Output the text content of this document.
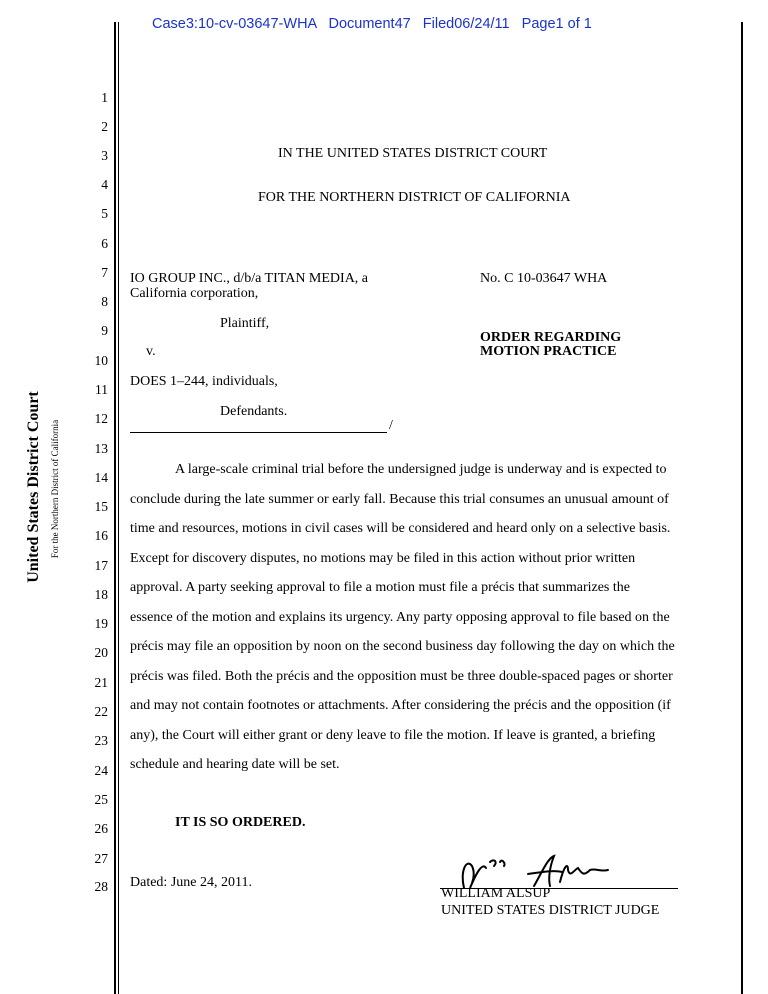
Case3:10-cv-03647-WHA   Document47   Filed06/24/11   Page1 of 1
United States District Court For the Northern District of California
1
2
3
4
5
6
7
8
9
10
11
12
13
14
15
16
17
18
19
20
21
22
23
24
25
26
27
28
IN THE UNITED STATES DISTRICT COURT
FOR THE NORTHERN DISTRICT OF CALIFORNIA
IO GROUP INC., d/b/a TITAN MEDIA, a
California corporation,
Plaintiff,
v.
DOES 1–244, individuals,
Defendants.
/
No. C 10-03647 WHA
ORDER REGARDING
MOTION PRACTICE
A large-scale criminal trial before the undersigned judge is underway and is expected to
conclude during the late summer or early fall. Because this trial consumes an unusual amount of
time and resources, motions in civil cases will be considered and heard only on a selective basis.
Except for discovery disputes, no motions may be filed in this action without prior written
approval. A party seeking approval to file a motion must file a précis that summarizes the
essence of the motion and explains its urgency. Any party opposing approval to file based on the
précis may file an opposition by noon on the second business day following the day on which the
précis was filed. Both the précis and the opposition must be three double-spaced pages or shorter
and may not contain footnotes or attachments. After considering the précis and the opposition (if
any), the Court will either grant or deny leave to file the motion. If leave is granted, a briefing
schedule and hearing date will be set.
IT IS SO ORDERED.
Dated: June 24, 2011.
WILLIAM ALSUP
UNITED STATES DISTRICT JUDGE
